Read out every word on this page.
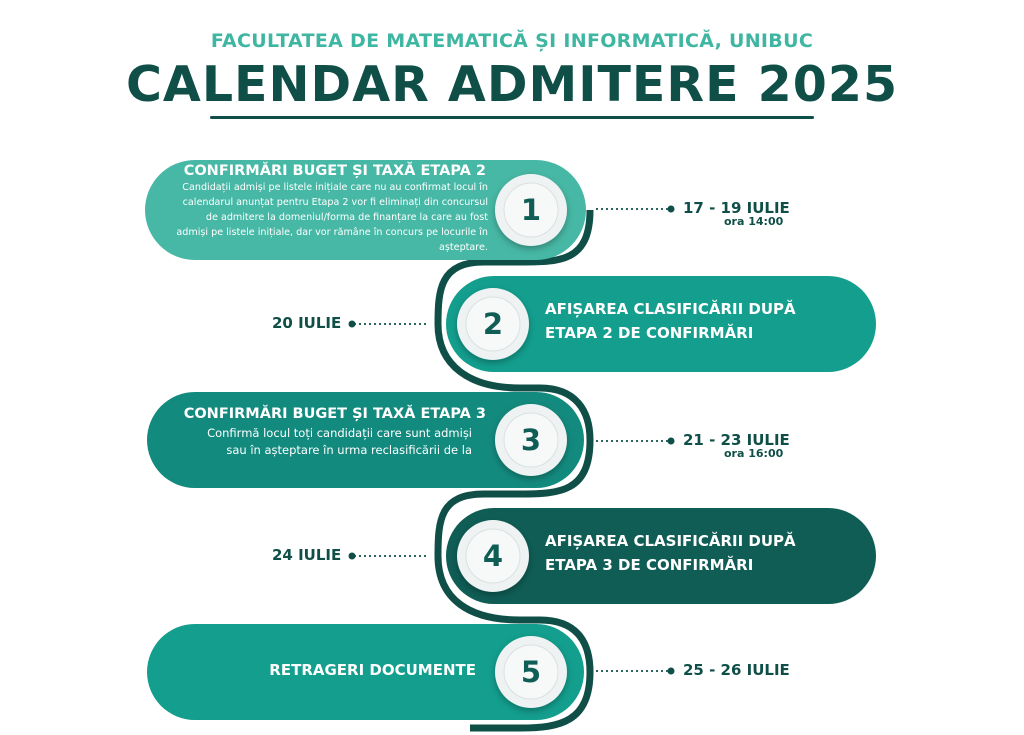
FACULTATEA DE MATEMATICĂ ȘI INFORMATICĂ, UNIBUC
CALENDAR ADMITERE 2025
CONFIRMĂRI BUGET ȘI TAXĂ ETAPA 2
Candidații admiși pe listele inițiale care nu au confirmat locul în
calendarul anunțat pentru Etapa 2 vor fi eliminați din concursul
de admitere la domeniul/forma de finanțare la care au fost
admiși pe listele inițiale, dar vor rămâne în concurs pe locurile în
așteptare.
1	17 - 19 IULIE
ora 14:00
AFIȘAREA CLASIFICĂRII DUPĂ
ETAPA 2 DE CONFIRMĂRI
2
20 IULIE
CONFIRMĂRI BUGET ȘI TAXĂ ETAPA 3
Confirmă locul toți candidații care sunt admiși
sau în așteptare în urma reclasificării de la	3	21 - 23 IULIE
ora 16:00
AFIȘAREA CLASIFICĂRII DUPĂ
ETAPA 3 DE CONFIRMĂRI
4
24 IULIE
RETRAGERI DOCUMENTE	5	25 - 26 IULIE
